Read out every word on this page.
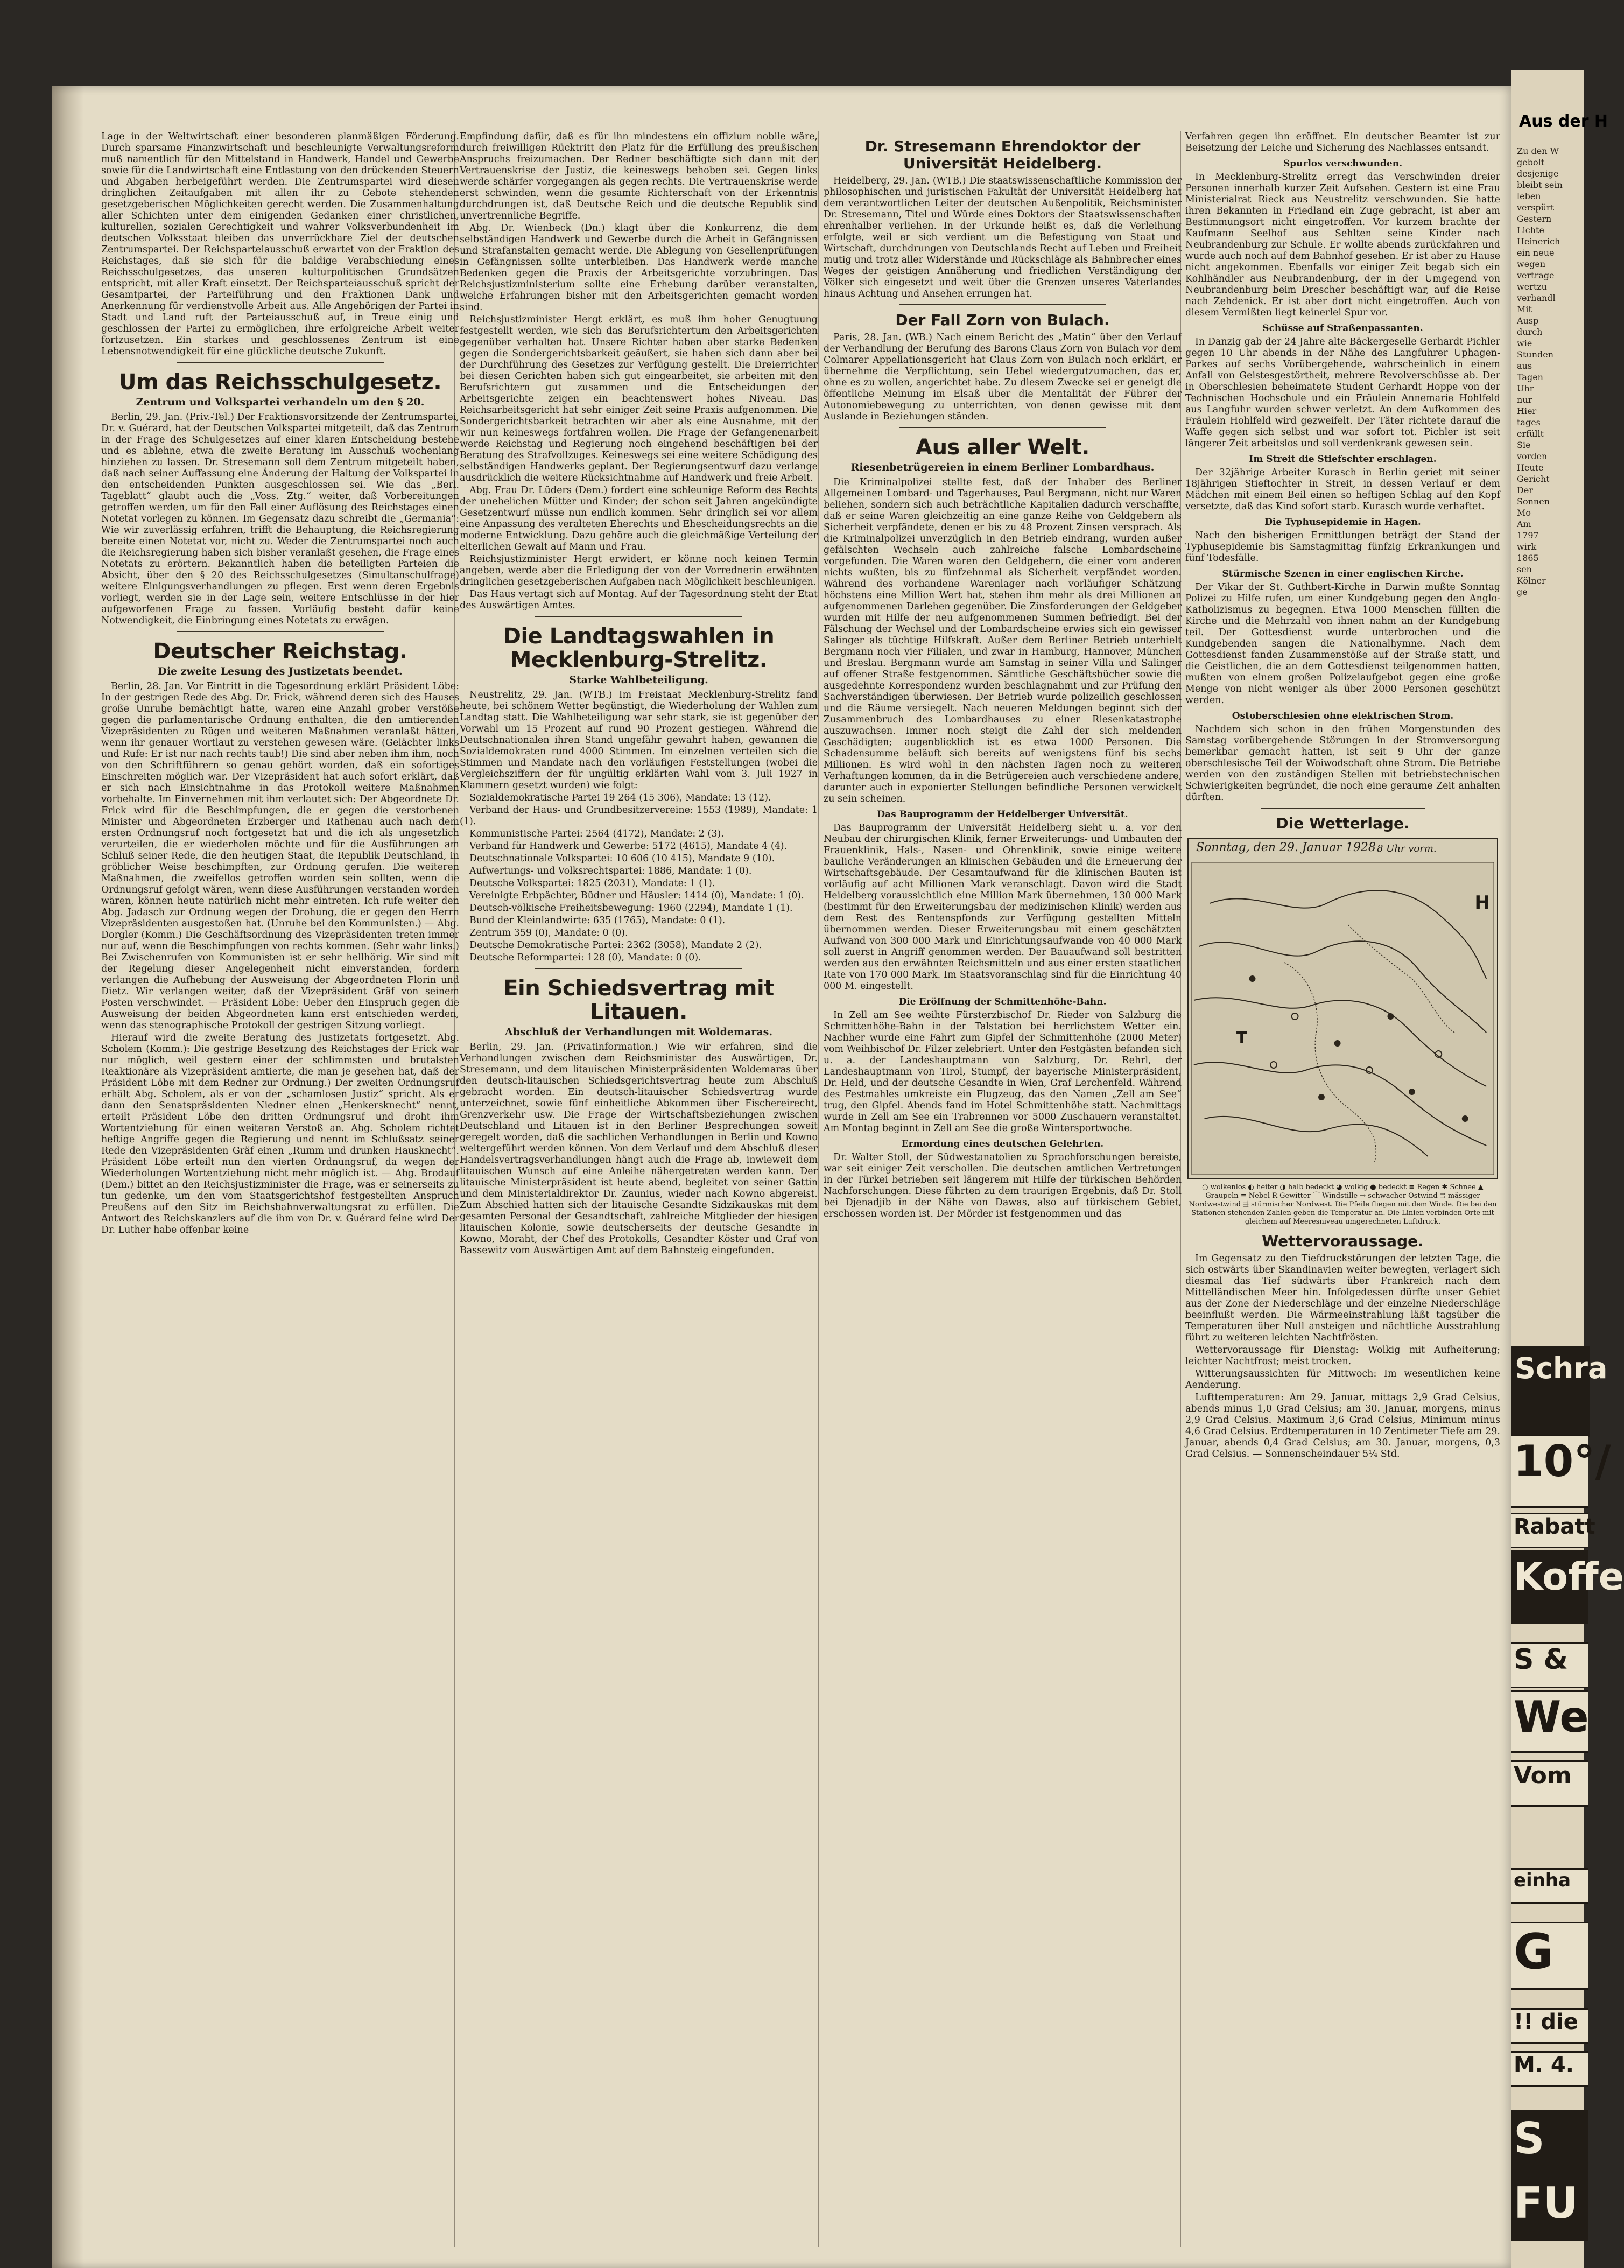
Lage in der Weltwirtschaft einer besonderen planmäßigen Förderung. Durch sparsame Finanzwirtschaft und beschleunigte Verwaltungsreform muß namentlich für den Mittelstand in Handwerk, Handel und Gewerbe sowie für die Landwirtschaft eine Entlastung von den drückenden Steuern und Abgaben herbeigeführt werden. Die Zentrumspartei wird diesen dringlichen Zeitaufgaben mit allen ihr zu Gebote stehenden gesetzgeberischen Möglichkeiten gerecht werden. Die Zusammenhaltung aller Schichten unter dem einigenden Gedanken einer christlichen, kulturellen, sozialen Gerechtigkeit und wahrer Volksverbundenheit im deutschen Volksstaat bleiben das unverrückbare Ziel der deutschen Zentrumspartei. Der Reichsparteiausschuß erwartet von der Fraktion des Reichstages, daß sie sich für die baldige Verabschiedung eines Reichsschulgesetzes, das unseren kulturpolitischen Grundsätzen entspricht, mit aller Kraft einsetzt. Der Reichsparteiausschuß spricht der Gesamtpartei, der Parteiführung und den Fraktionen Dank und Anerkennung für verdienstvolle Arbeit aus. Alle Angehörigen der Partei in Stadt und Land ruft der Parteiausschuß auf, in Treue einig und geschlossen der Partei zu ermöglichen, ihre erfolgreiche Arbeit weiter fortzusetzen. Ein starkes und geschlossenes Zentrum ist eine Lebensnotwendigkeit für eine glückliche deutsche Zukunft.

Um das Reichsschulgesetz.
Zentrum und Volkspartei verhandeln um den § 20.

Berlin, 29. Jan. (Priv.-Tel.) Der Fraktionsvorsitzende der Zentrumspartei, Dr. v. Guérard, hat der Deutschen Volkspartei mitgeteilt, daß das Zentrum in der Frage des Schulgesetzes auf einer klaren Entscheidung bestehe und es ablehne, etwa die zweite Beratung im Ausschuß wochenlang hinziehen zu lassen. Dr. Stresemann soll dem Zentrum mitgeteilt haben, daß nach seiner Auffassung eine Änderung der Haltung der Volkspartei in den entscheidenden Punkten ausgeschlossen sei. Wie das „Berl. Tageblatt“ glaubt auch die „Voss. Ztg.“ weiter, daß Vorbereitungen getroffen werden, um für den Fall einer Auflösung des Reichstages einen Notetat vorlegen zu können. Im Gegensatz dazu schreibt die „Germania“: Wie wir zuverlässig erfahren, trifft die Behauptung, die Reichsregierung bereite einen Notetat vor, nicht zu. Weder die Zentrumspartei noch auch die Reichsregierung haben sich bisher veranlaßt gesehen, die Frage eines Notetats zu erörtern. Bekanntlich haben die beteiligten Parteien die Absicht, über den § 20 des Reichsschulgesetzes (Simultanschulfrage) weitere Einigungsverhandlungen zu pflegen. Erst wenn deren Ergebnis vorliegt, werden sie in der Lage sein, weitere Entschlüsse in der hier aufgeworfenen Frage zu fassen. Vorläufig besteht dafür keine Notwendigkeit, die Einbringung eines Notetats zu erwägen.

Deutscher Reichstag.
Die zweite Lesung des Justizetats beendet.

Berlin, 28. Jan. Vor Eintritt in die Tagesordnung erklärt Präsident Löbe: In der gestrigen Rede des Abg. Dr. Frick, während deren sich des Hauses große Unruhe bemächtigt hatte, waren eine Anzahl grober Verstöße gegen die parlamentarische Ordnung enthalten, die den amtierenden Vizepräsidenten zu Rügen und weiteren Maßnahmen veranlaßt hätten, wenn ihr genauer Wortlaut zu verstehen gewesen wäre. (Gelächter links und Rufe: Er ist nur nach rechts taub!) Die sind aber neben ihm ihm, noch von den Schriftführern so genau gehört worden, daß ein sofortiges Einschreiten möglich war. Der Vizepräsident hat auch sofort erklärt, daß er sich nach Einsichtnahme in das Protokoll weitere Maßnahmen vorbehalte. Im Einvernehmen mit ihm verlautet sich: Der Abgeordnete Dr. Frick wird für die Beschimpfungen, die er gegen die verstorbenen Minister und Abgeordneten Erzberger und Rathenau auch nach dem ersten Ordnungsruf noch fortgesetzt hat und die ich als ungesetzlich verurteilen, die er wiederholen möchte und für die Ausführungen am Schluß seiner Rede, die den heutigen Staat, die Republik Deutschland, in gröblicher Weise beschimpften, zur Ordnung gerufen. Die weiteren Maßnahmen, die zweifellos getroffen worden sein sollten, wenn die Ordnungsruf gefolgt wären, wenn diese Ausführungen verstanden worden wären, können heute natürlich nicht mehr eintreten. Ich rufe weiter den Abg. Jadasch zur Ordnung wegen der Drohung, die er gegen den Herrn Vizepräsidenten ausgestoßen hat. (Unruhe bei den Kommunisten.) — Abg. Dorgler (Komm.) Die Geschäftsordnung des Vizepräsidenten treten immer nur auf, wenn die Beschimpfungen von rechts kommen. (Sehr wahr links.) Bei Zwischenrufen von Kommunisten ist er sehr hellhörig. Wir sind mit der Regelung dieser Angelegenheit nicht einverstanden, fordern verlangen die Aufhebung der Ausweisung der Abgeordneten Florin und Dietz. Wir verlangen weiter, daß der Vizepräsident Gräf von seinem Posten verschwindet. — Präsident Löbe: Ueber den Einspruch gegen die Ausweisung der beiden Abgeordneten kann erst entschieden werden, wenn das stenographische Protokoll der gestrigen Sitzung vorliegt.

Hierauf wird die zweite Beratung des Justizetats fortgesetzt. Abg. Scholem (Komm.): Die gestrige Besetzung des Reichstages der Frick war nur möglich, weil gestern einer der schlimmsten und brutalsten Reaktionäre als Vizepräsident amtierte, die man je gesehen hat, daß der Präsident Löbe mit dem Redner zur Ordnung.) Der zweiten Ordnungsruf erhält Abg. Scholem, als er von der „schamlosen Justiz“ spricht. Als er dann den Senatspräsidenten Niedner einen „Henkersknecht“ nennt, erteilt Präsident Löbe den dritten Ordnungsruf und droht ihm Wortentziehung für einen weiteren Verstoß an. Abg. Scholem richtet heftige Angriffe gegen die Regierung und nennt im Schlußsatz seiner Rede den Vizepräsidenten Gräf einen „Rumm und drunken Hausknecht“. Präsident Löbe erteilt nun den vierten Ordnungsruf, da wegen der Wiederholungen Wortentziehung nicht mehr möglich ist. — Abg. Brodauf (Dem.) bittet an den Reichsjustizminister die Frage, was er seinerseits zu tun gedenke, um den vom Staatsgerichtshof festgestellten Anspruch Preußens auf den Sitz im Reichsbahnverwaltungsrat zu erfüllen. Die Antwort des Reichskanzlers auf die ihm von Dr. v. Guérard feine wird Der Dr. Luther habe offenbar keine

Empfindung dafür, daß es für ihn mindestens ein offizium nobile wäre, durch freiwilligen Rücktritt den Platz für die Erfüllung des preußischen Anspruchs freizumachen. Der Redner beschäftigte sich dann mit der Vertrauenskrise der Justiz, die keineswegs behoben sei. Gegen links werde schärfer vorgegangen als gegen rechts. Die Vertrauenskrise werde erst schwinden, wenn die gesamte Richterschaft von der Erkenntnis durchdrungen ist, daß Deutsche Reich und die deutsche Republik sind unvertrennliche Begriffe.

Abg. Dr. Wienbeck (Dn.) klagt über die Konkurrenz, die dem selbständigen Handwerk und Gewerbe durch die Arbeit in Gefängnissen und Strafanstalten gemacht werde. Die Ablegung von Gesellenprüfungen in Gefängnissen sollte unterbleiben. Das Handwerk werde manche Bedenken gegen die Praxis der Arbeitsgerichte vorzubringen. Das Reichsjustizministerium sollte eine Erhebung darüber veranstalten, welche Erfahrungen bisher mit den Arbeitsgerichten gemacht worden sind.

Reichsjustizminister Hergt erklärt, es muß ihm hoher Genugtuung festgestellt werden, wie sich das Berufsrichtertum den Arbeitsgerichten gegenüber verhalten hat. Unsere Richter haben aber starke Bedenken gegen die Sondergerichtsbarkeit geäußert, sie haben sich dann aber bei der Durchführung des Gesetzes zur Verfügung gestellt. Die Dreierrichter bei diesen Gerichten haben sich gut eingearbeitet, sie arbeiten mit den Berufsrichtern gut zusammen und die Entscheidungen der Arbeitsgerichte zeigen ein beachtenswert hohes Niveau. Das Reichsarbeitsgericht hat sehr einiger Zeit seine Praxis aufgenommen. Die Sondergerichtsbarkeit betrachten wir aber als eine Ausnahme, mit der wir nun keineswegs fortfahren wollen. Die Frage der Gefangenenarbeit werde Reichstag und Regierung noch eingehend beschäftigen bei der Beratung des Strafvollzuges. Keineswegs sei eine weitere Schädigung des selbständigen Handwerks geplant. Der Regierungsentwurf dazu verlange ausdrücklich die weitere Rücksichtnahme auf Handwerk und freie Arbeit.

Abg. Frau Dr. Lüders (Dem.) fordert eine schleunige Reform des Rechts der unehelichen Mütter und Kinder; der schon seit Jahren angekündigte Gesetzentwurf müsse nun endlich kommen. Sehr dringlich sei vor allem eine Anpassung des veralteten Eherechts und Ehescheidungsrechts an die moderne Entwicklung. Dazu gehöre auch die gleichmäßige Verteilung der elterlichen Gewalt auf Mann und Frau.

Reichsjustizminister Hergt erwidert, er könne noch keinen Termin angeben, werde aber die Erledigung der von der Vorrednerin erwähnten dringlichen gesetzgeberischen Aufgaben nach Möglichkeit beschleunigen.

Das Haus vertagt sich auf Montag. Auf der Tagesordnung steht der Etat des Auswärtigen Amtes.

Die Landtagswahlen in Mecklenburg-Strelitz.
Starke Wahlbeteiligung.

Neustrelitz, 29. Jan. (WTB.) Im Freistaat Mecklenburg-Strelitz fand heute, bei schönem Wetter begünstigt, die Wiederholung der Wahlen zum Landtag statt. Die Wahlbeteiligung war sehr stark, sie ist gegenüber der Vorwahl um 15 Prozent auf rund 90 Prozent gestiegen. Während die Deutschnationalen ihren Stand ungefähr gewahrt haben, gewannen die Sozialdemokraten rund 4000 Stimmen. Im einzelnen verteilen sich die Stimmen und Mandate nach den vorläufigen Feststellungen (wobei die Vergleichsziffern der für ungültig erklärten Wahl vom 3. Juli 1927 in Klammern gesetzt wurden) wie folgt:

Sozialdemokratische Partei 19 264 (15 306), Mandate: 13 (12).

Verband der Haus- und Grundbesitzervereine: 1553 (1989), Mandate: 1 (1).

Kommunistische Partei: 2564 (4172), Mandate: 2 (3).

Verband für Handwerk und Gewerbe: 5172 (4615), Mandate 4 (4).

Deutschnationale Volkspartei: 10 606 (10 415), Mandate 9 (10).

Aufwertungs- und Volksrechtspartei: 1886, Mandate: 1 (0).

Deutsche Volkspartei: 1825 (2031), Mandate: 1 (1).

Vereinigte Erbpächter, Büdner und Häusler: 1414 (0), Mandate: 1 (0).

Deutsch-völkische Freiheitsbewegung: 1960 (2294), Mandate 1 (1).

Bund der Kleinlandwirte: 635 (1765), Mandate: 0 (1).

Zentrum 359 (0), Mandate: 0 (0).

Deutsche Demokratische Partei: 2362 (3058), Mandate 2 (2).

Deutsche Reformpartei: 128 (0), Mandate: 0 (0).

Ein Schiedsvertrag mit Litauen.
Abschluß der Verhandlungen mit Woldemaras.

Berlin, 29. Jan. (Privatinformation.) Wie wir erfahren, sind die Verhandlungen zwischen dem Reichsminister des Auswärtigen, Dr. Stresemann, und dem litauischen Ministerpräsidenten Woldemaras über den deutsch-litauischen Schiedsgerichtsvertrag heute zum Abschluß gebracht worden. Ein deutsch-litauischer Schiedsvertrag wurde unterzeichnet, sowie fünf einheitliche Abkommen über Fischereirecht, Grenzverkehr usw. Die Frage der Wirtschaftsbeziehungen zwischen Deutschland und Litauen ist in den Berliner Besprechungen soweit geregelt worden, daß die sachlichen Verhandlungen in Berlin und Kowno weitergeführt werden können. Von dem Verlauf und dem Abschluß dieser Handelsvertragsverhandlungen hängt auch die Frage ab, inwieweit dem litauischen Wunsch auf eine Anleihe nähergetreten werden kann. Der litauische Ministerpräsident ist heute abend, begleitet von seiner Gattin und dem Ministerialdirektor Dr. Zaunius, wieder nach Kowno abgereist. Zum Abschied hatten sich der litauische Gesandte Sidzikauskas mit dem gesamten Personal der Gesandtschaft, zahlreiche Mitglieder der hiesigen litauischen Kolonie, sowie deutscherseits der deutsche Gesandte in Kowno, Moraht, der Chef des Protokolls, Gesandter Köster und Graf von Bassewitz vom Auswärtigen Amt auf dem Bahnsteig eingefunden.

Dr. Stresemann Ehrendoktor der Universität Heidelberg.

Heidelberg, 29. Jan. (WTB.) Die staatswissenschaftliche Kommission der philosophischen und juristischen Fakultät der Universität Heidelberg hat dem verantwortlichen Leiter der deutschen Außenpolitik, Reichsminister Dr. Stresemann, Titel und Würde eines Doktors der Staatswissenschaften ehrenhalber verliehen. In der Urkunde heißt es, daß die Verleihung erfolgte, weil er sich verdient um die Befestigung von Staat und Wirtschaft, durchdrungen von Deutschlands Recht auf Leben und Freiheit mutig und trotz aller Widerstände und Rückschläge als Bahnbrecher eines Weges der geistigen Annäherung und friedlichen Verständigung der Völker sich eingesetzt und weit über die Grenzen unseres Vaterlandes hinaus Achtung und Ansehen errungen hat.

Der Fall Zorn von Bulach.

Paris, 28. Jan. (WB.) Nach einem Bericht des „Matin“ über den Verlauf der Verhandlung der Berufung des Barons Claus Zorn von Bulach vor dem Colmarer Appellationsgericht hat Claus Zorn von Bulach noch erklärt, er übernehme die Verpflichtung, sein Uebel wiedergutzumachen, das er, ohne es zu wollen, angerichtet habe. Zu diesem Zwecke sei er geneigt die öffentliche Meinung im Elsaß über die Mentalität der Führer der Autonomiebewegung zu unterrichten, von denen gewisse mit dem Auslande in Beziehungen ständen.

Aus aller Welt.
Riesenbetrügereien in einem Berliner Lombardhaus.

Die Kriminalpolizei stellte fest, daß der Inhaber des Berliner Allgemeinen Lombard- und Tagerhauses, Paul Bergmann, nicht nur Waren beliehen, sondern sich auch beträchtliche Kapitalien dadurch verschaffte, daß er seine Waren gleichzeitig an eine ganze Reihe von Geldgebern als Sicherheit verpfändete, denen er bis zu 48 Prozent Zinsen versprach. Als die Kriminalpolizei unverzüglich in den Betrieb eindrang, wurden außer gefälschten Wechseln auch zahlreiche falsche Lombardscheine vorgefunden. Die Waren waren den Geldgebern, die einer vom anderen nichts wußten, bis zu fünfzehnmal als Sicherheit verpfändet worden. Während des vorhandene Warenlager nach vorläufiger Schätzung höchstens eine Million Wert hat, stehen ihm mehr als drei Millionen an aufgenommenen Darlehen gegenüber. Die Zinsforderungen der Geldgeber wurden mit Hilfe der neu aufgenommenen Summen befriedigt. Bei der Fälschung der Wechsel und der Lombardscheine erwies sich ein gewisser Salinger als tüchtige Hilfskraft. Außer dem Berliner Betrieb unterhielt Bergmann noch vier Filialen, und zwar in Hamburg, Hannover, München und Breslau. Bergmann wurde am Samstag in seiner Villa und Salinger auf offener Straße festgenommen. Sämtliche Geschäftsbücher sowie die ausgedehnte Korrespondenz wurden beschlagnahmt und zur Prüfung den Sachverständigen überwiesen. Der Betrieb wurde polizeilich geschlossen und die Räume versiegelt. Nach neueren Meldungen beginnt sich der Zusammenbruch des Lombardhauses zu einer Riesenkatastrophe auszuwachsen. Immer noch steigt die Zahl der sich meldenden Geschädigten; augenblicklich ist es etwa 1000 Personen. Die Schadensumme beläuft sich bereits auf wenigstens fünf bis sechs Millionen. Es wird wohl in den nächsten Tagen noch zu weiteren Verhaftungen kommen, da in die Betrügereien auch verschiedene andere, darunter auch in exponierter Stellungen befindliche Personen verwickelt zu sein scheinen.

Das Bauprogramm der Heidelberger Universität.

Das Bauprogramm der Universität Heidelberg sieht u. a. vor den Neubau der chirurgischen Klinik, ferner Erweiterungs- und Umbauten der Frauenklinik, Hals-, Nasen- und Ohrenklinik, sowie einige weitere bauliche Veränderungen an klinischen Gebäuden und die Erneuerung der Wirtschaftsgebäude. Der Gesamtaufwand für die klinischen Bauten ist vorläufig auf acht Millionen Mark veranschlagt. Davon wird die Stadt Heidelberg voraussichtlich eine Million Mark übernehmen, 130 000 Mark (bestimmt für den Erweiterungsbau der medizinischen Klinik) werden aus dem Rest des Rentenspfonds zur Verfügung gestellten Mitteln übernommen werden. Dieser Erweiterungsbau mit einem geschätzten Aufwand von 300 000 Mark und Einrichtungsaufwande von 40 000 Mark soll zuerst in Angriff genommen werden. Der Bauaufwand soll bestritten werden aus den erwähnten Reichsmitteln und aus einer ersten staatlichen Rate von 170 000 Mark. Im Staatsvoranschlag sind für die Einrichtung 40 000 M. eingestellt.

Die Eröffnung der Schmittenhöhe-Bahn.

In Zell am See weihte Fürsterzbischof Dr. Rieder von Salzburg die Schmittenhöhe-Bahn in der Talstation bei herrlichstem Wetter ein. Nachher wurde eine Fahrt zum Gipfel der Schmittenhöhe (2000 Meter) vom Weihbischof Dr. Filzer zelebriert. Unter den Festgästen befanden sich u. a. der Landeshauptmann von Salzburg, Dr. Rehrl, der Landeshauptmann von Tirol, Stumpf, der bayerische Ministerpräsident, Dr. Held, und der deutsche Gesandte in Wien, Graf Lerchenfeld. Während des Festmahles umkreiste ein Flugzeug, das den Namen „Zell am See“ trug, den Gipfel. Abends fand im Hotel Schmittenhöhe statt. Nachmittags wurde in Zell am See ein Trabrennen vor 5000 Zuschauern veranstaltet. Am Montag beginnt in Zell am See die große Wintersportwoche.

Ermordung eines deutschen Gelehrten.

Dr. Walter Stoll, der Südwestanatolien zu Sprachforschungen bereiste, war seit einiger Zeit verschollen. Die deutschen amtlichen Vertretungen in der Türkei betrieben seit längerem mit Hilfe der türkischen Behörden Nachforschungen. Diese führten zu dem traurigen Ergebnis, daß Dr. Stoll bei Djenadjib in der Nähe von Dawas, also auf türkischem Gebiet, erschossen worden ist. Der Mörder ist festgenommen und das

Verfahren gegen ihn eröffnet. Ein deutscher Beamter ist zur Beisetzung der Leiche und Sicherung des Nachlasses entsandt.

Spurlos verschwunden.

In Mecklenburg-Strelitz erregt das Verschwinden dreier Personen innerhalb kurzer Zeit Aufsehen. Gestern ist eine Frau Ministerialrat Rieck aus Neustrelitz verschwunden. Sie hatte ihren Bekannten in Friedland ein Zuge gebracht, ist aber am Bestimmungsort nicht eingetroffen. Vor kurzem brachte der Kaufmann Seelhof aus Sehlten seine Kinder nach Neubrandenburg zur Schule. Er wollte abends zurückfahren und wurde auch noch auf dem Bahnhof gesehen. Er ist aber zu Hause nicht angekommen. Ebenfalls vor einiger Zeit begab sich ein Kohlhändler aus Neubrandenburg, der in der Umgegend von Neubrandenburg beim Drescher beschäftigt war, auf die Reise nach Zehdenick. Er ist aber dort nicht eingetroffen. Auch von diesem Vermißten liegt keinerlei Spur vor.

Schüsse auf Straßenpassanten.

In Danzig gab der 24 Jahre alte Bäckergeselle Gerhardt Pichler gegen 10 Uhr abends in der Nähe des Langfuhrer Uphagen-Parkes auf sechs Vorübergehende, wahrscheinlich in einem Anfall von Geistesgestörtheit, mehrere Revolverschüsse ab. Der in Oberschlesien beheimatete Student Gerhardt Hoppe von der Technischen Hochschule und ein Fräulein Annemarie Hohlfeld aus Langfuhr wurden schwer verletzt. An dem Aufkommen des Fräulein Hohlfeld wird gezweifelt. Der Täter richtete darauf die Waffe gegen sich selbst und war sofort tot. Pichler ist seit längerer Zeit arbeitslos und soll verdenkrank gewesen sein.

Im Streit die Stiefschter erschlagen.

Der 32jährige Arbeiter Kurasch in Berlin geriet mit seiner 18jährigen Stieftochter in Streit, in dessen Verlauf er dem Mädchen mit einem Beil einen so heftigen Schlag auf den Kopf versetzte, daß das Kind sofort starb. Kurasch wurde verhaftet.

Die Typhusepidemie in Hagen.

Nach den bisherigen Ermittlungen beträgt der Stand der Typhusepidemie bis Samstagmittag fünfzig Erkrankungen und fünf Todesfälle.

Stürmische Szenen in einer englischen Kirche.

Der Vikar der St. Guthbert-Kirche in Darwin mußte Sonntag Polizei zu Hilfe rufen, um einer Kundgebung gegen den Anglo-Katholizismus zu begegnen. Etwa 1000 Menschen füllten die Kirche und die Mehrzahl von ihnen nahm an der Kundgebung teil. Der Gottesdienst wurde unterbrochen und die Kundgebenden sangen die Nationalhymne. Nach dem Gottesdienst fanden Zusammenstöße auf der Straße statt, und die Geistlichen, die an dem Gottesdienst teilgenommen hatten, mußten von einem großen Polizeiaufgebot gegen eine große Menge von nicht weniger als über 2000 Personen geschützt werden.

Ostoberschlesien ohne elektrischen Strom.

Nachdem sich schon in den frühen Morgenstunden des Samstag vorübergehende Störungen in der Stromversorgung bemerkbar gemacht hatten, ist seit 9 Uhr der ganze oberschlesische Teil der Woiwodschaft ohne Strom. Die Betriebe werden von den zuständigen Stellen mit betriebstechnischen Schwierigkeiten begründet, die noch eine geraume Zeit anhalten dürften.

Die Wetterlage.
H
T
Sonntag, den 29. Januar 1928.
8 Uhr vorm.
○ wolkenlos ◐ heiter ◑ halb bedeckt ◕ wolkig ● bedeckt ≡ Regen ✱ Schnee ▲ Graupeln ≡ Nebel R Gewitter ⌒ Windstille → schwacher Ostwind ⇉ mässiger Nordwestwind ⇶ stürmischer Nordwest. Die Pfeile fliegen mit dem Winde. Die bei den Stationen stehenden Zahlen geben die Temperatur an. Die Linien verbinden Orte mit gleichem auf Meeresniveau umgerechneten Luftdruck.
Wettervoraussage.

Im Gegensatz zu den Tiefdruckstörungen der letzten Tage, die sich ostwärts über Skandinavien weiter bewegten, verlagert sich diesmal das Tief südwärts über Frankreich nach dem Mittelländischen Meer hin. Infolgedessen dürfte unser Gebiet aus der Zone der Niederschläge und der einzelne Niederschläge beeinflußt werden. Die Wärmeeinstrahlung läßt tagsüber die Temperaturen über Null ansteigen und nächtliche Ausstrahlung führt zu weiteren leichten Nachtfrösten.

Wettervoraussage für Dienstag: Wolkig mit Aufheiterung; leichter Nachtfrost; meist trocken.

Witterungsaussichten für Mittwoch: Im wesentlichen keine Aenderung.

Lufttemperaturen: Am 29. Januar, mittags 2,9 Grad Celsius, abends minus 1,0 Grad Celsius; am 30. Januar, morgens, minus 2,9 Grad Celsius. Maximum 3,6 Grad Celsius, Minimum minus 4,6 Grad Celsius. Erdtemperaturen in 10 Zentimeter Tiefe am 29. Januar, abends 0,4 Grad Celsius; am 30. Januar, morgens, 0,3 Grad Celsius. — Sonnenscheindauer 5¼ Std.

Aus der H
Zu den W
gebolt
desjenige
bleibt sein
leben
verspürt
Gestern
Lichte
Heinerich
ein neue
wegen
vertrage
wertzu
verhandl
Mit
Ausp
durch
wie
Stunden
aus
Tagen
Uhr
nur
Hier
tages
erfüllt
Sie
vorden
Heute
Gericht
Der
Sonnen
Mo
Am
1797
wirk
1865
sen
Kölner
ge
Schra
10°/
Rabatt
Koffe
S &
We
Vom
einha
G
!! die
M. 4.
S
FU
